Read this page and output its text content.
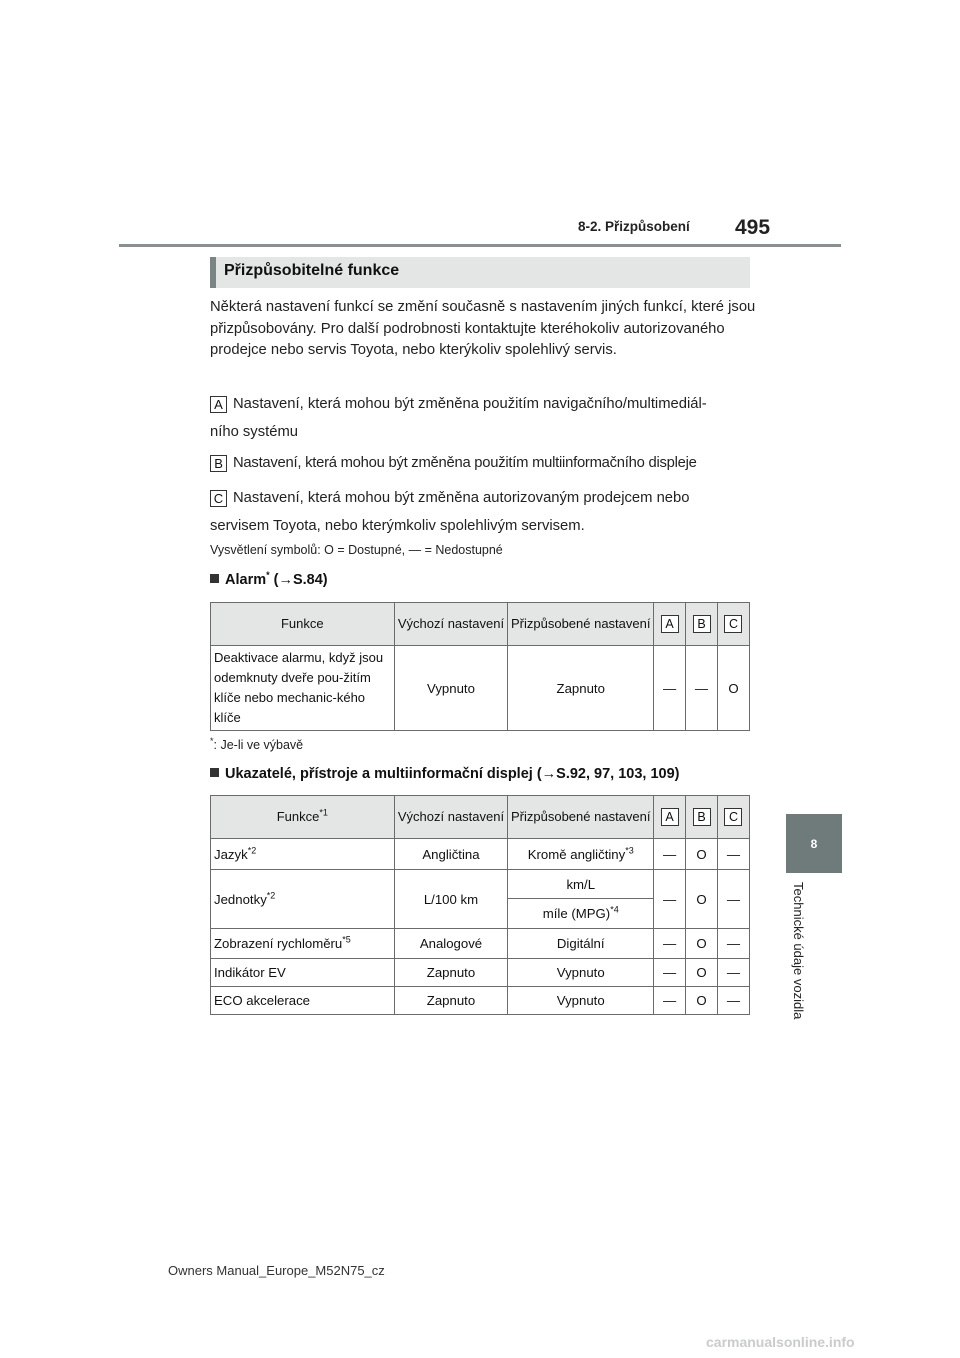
8-2. Přizpůsobení 495
8
Technické údaje vozidla
Přizpůsobitelné funkce
Některá nastavení funkcí se změní současně s nastavením jiných funkcí, které jsou přizpůsobovány. Pro další podrobnosti kontaktujte kteréhokoliv autorizovaného prodejce nebo servis Toyota, nebo kterýkoliv spolehlivý servis.
A Nastavení, která mohou být změněna použitím navigačního/multimediál-
ního systému
B Nastavení, která mohou být změněna použitím multiinformačního displeje
C Nastavení, která mohou být změněna autorizovaným prodejcem nebo
servisem Toyota, nebo kterýmkoliv spolehlivým servisem.
Vysvětlení symbolů: O = Dostupné, — = Nedostupné
Alarm* (→S.84)
Funkce	Výchozí nastavení	Přizpůsobené nastavení	A	B	C
Deaktivace alarmu, když jsou odemknuty dveře pou-žitím klíče nebo mechanic-kého klíče	Vypnuto	Zapnuto	—	—	O
*: Je-li ve výbavě
Ukazatelé, přístroje a multiinformační displej (→S.92, 97, 103, 109)
Funkce$^{*1}$	Výchozí nastavení	Přizpůsobené nastavení	A	B	C
Jazyk$^{*2}$	Angličtina	Kromě angličtiny$^{*3}$	—	O	—
Jednotky$^{*2}$	L/100 km	km/L	—	O	—
		míle (MPG)$^{*4}$
Zobrazení rychloměru$^{*5}$	Analogové	Digitální	—	O	—
Indikátor EV	Zapnuto	Vypnuto	—	O	—
ECO akcelerace	Zapnuto	Vypnuto	—	O	—
Owners Manual_Europe_M52N75_cz
carmanualsonline.info
